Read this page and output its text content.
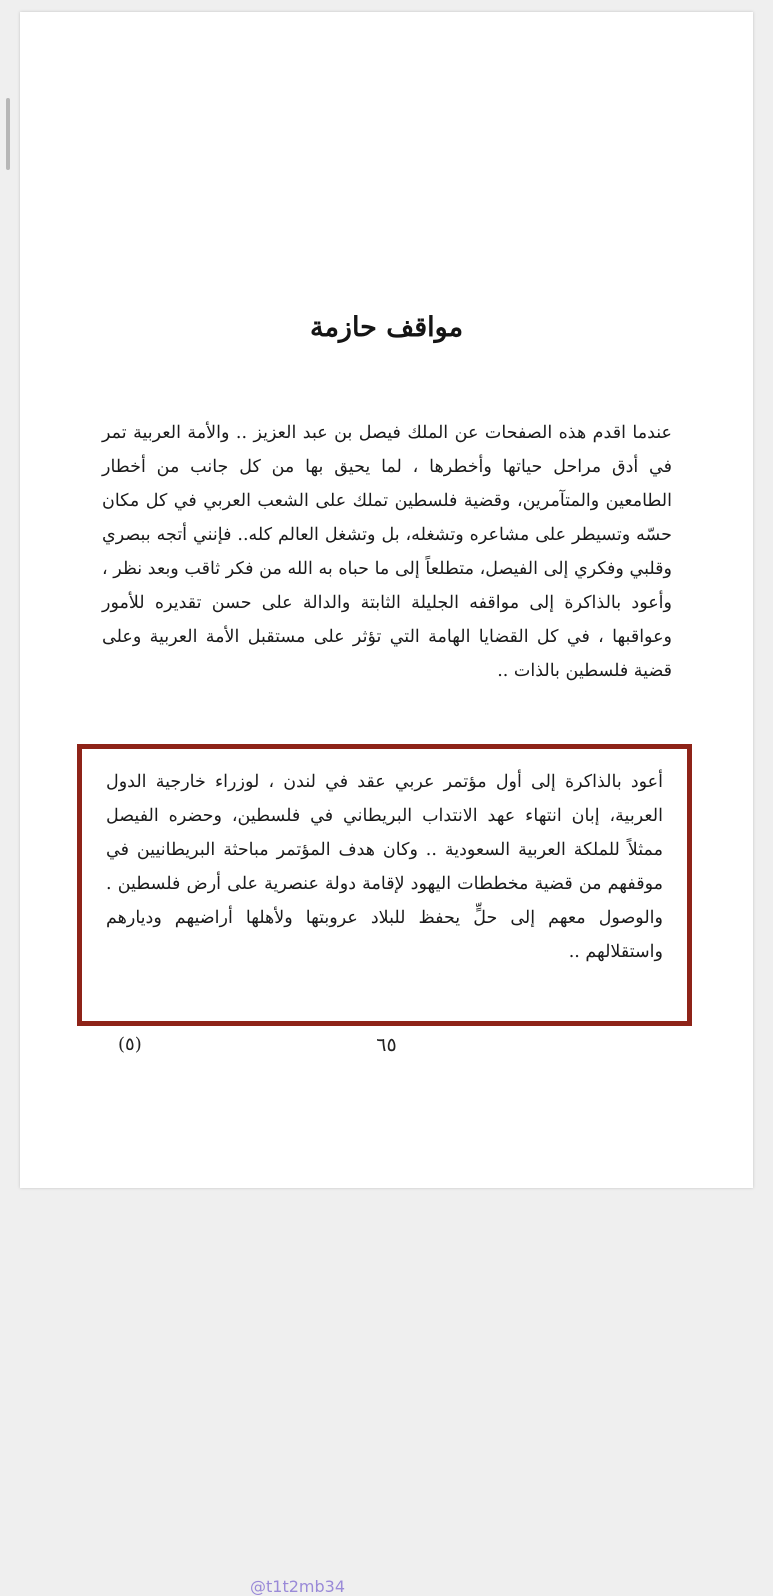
مواقف حازمة

عندما اقدم هذه الصفحات عن الملك فيصل بن عبد العزيز .. والأمة العربية تمر في أدق مراحل حياتها وأخطرها ، لما يحيق بها من كل جانب من أخطار الطامعين والمتآمرين، وقضية فلسطين تملك على الشعب العربي في كل مكان حسّه وتسيطر على مشاعره وتشغله، بل وتشغل العالم كله.. فإنني أتجه ببصري وقلبي وفكري إلى الفيصل، متطلعاً إلى ما حباه به الله من فكر ثاقب وبعد نظر ، وأعود بالذاكرة إلى مواقفه الجليلة الثابتة والدالة على حسن تقديره للأمور وعواقبها ، في كل القضايا الهامة التي تؤثر على مستقبل الأمة العربية وعلى قضية فلسطين بالذات ..

أعود بالذاكرة إلى أول مؤتمر عربي عقد في لندن ، لوزراء خارجية الدول العربية، إبان انتهاء عهد الانتداب البريطاني في فلسطين، وحضره الفيصل ممثلاً للملكة العربية السعودية .. وكان هدف المؤتمر مباحثة البريطانيين في موقفهم من قضية مخططات اليهود لإقامة دولة عنصرية على أرض فلسطين . والوصول معهم إلى حلٍّ يحفظ للبلاد عروبتها ولأهلها أراضيهم وديارهم واستقلالهم ..

@t1t2mb34
٦٥
(٥)
